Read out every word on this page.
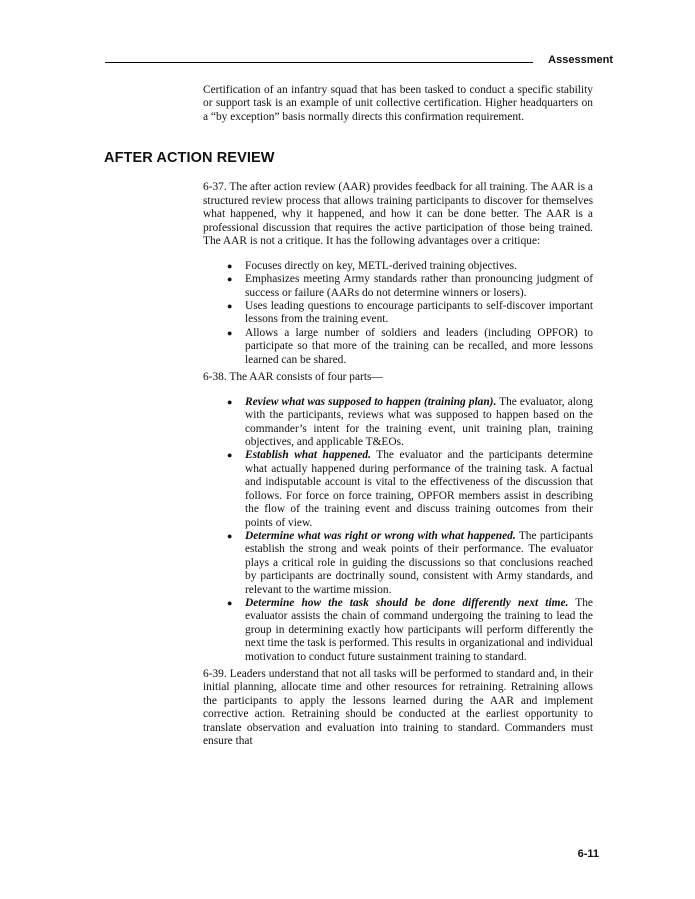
Assessment

Certification of an infantry squad that has been tasked to conduct a specific stability or support task is an example of unit collective certification. Higher headquarters on a “by exception” basis normally directs this confirmation requirement.

AFTER ACTION REVIEW

6-37. The after action review (AAR) provides feedback for all training. The AAR is a structured review process that allows training participants to discover for themselves what happened, why it happened, and how it can be done better. The AAR is a professional discussion that requires the active participation of those being trained. The AAR is not a critique. It has the following advantages over a critique:

● Focuses directly on key, METL-derived training objectives.
● Emphasizes meeting Army standards rather than pronouncing judgment of success or failure (AARs do not determine winners or losers).
● Uses leading questions to encourage participants to self-discover important lessons from the training event.
● Allows a large number of soldiers and leaders (including OPFOR) to participate so that more of the training can be recalled, and more lessons learned can be shared.

6-38. The AAR consists of four parts—

● Review what was supposed to happen (training plan). The evaluator, along with the participants, reviews what was supposed to happen based on the commander’s intent for the training event, unit training plan, training objectives, and applicable T&EOs.
● Establish what happened. The evaluator and the participants determine what actually happened during performance of the training task. A factual and indisputable account is vital to the effectiveness of the discussion that follows. For force on force training, OPFOR members assist in describing the flow of the training event and discuss training outcomes from their points of view.
● Determine what was right or wrong with what happened. The participants establish the strong and weak points of their performance. The evaluator plays a critical role in guiding the discussions so that conclusions reached by participants are doctrinally sound, consistent with Army standards, and relevant to the wartime mission.
● Determine how the task should be done differently next time. The evaluator assists the chain of command undergoing the training to lead the group in determining exactly how participants will perform differently the next time the task is performed. This results in organizational and individual motivation to conduct future sustainment training to standard.

6-39. Leaders understand that not all tasks will be performed to standard and, in their initial planning, allocate time and other resources for retraining. Retraining allows the participants to apply the lessons learned during the AAR and implement corrective action. Retraining should be conducted at the earliest opportunity to translate observation and evaluation into training to standard. Commanders must ensure that

6-11
